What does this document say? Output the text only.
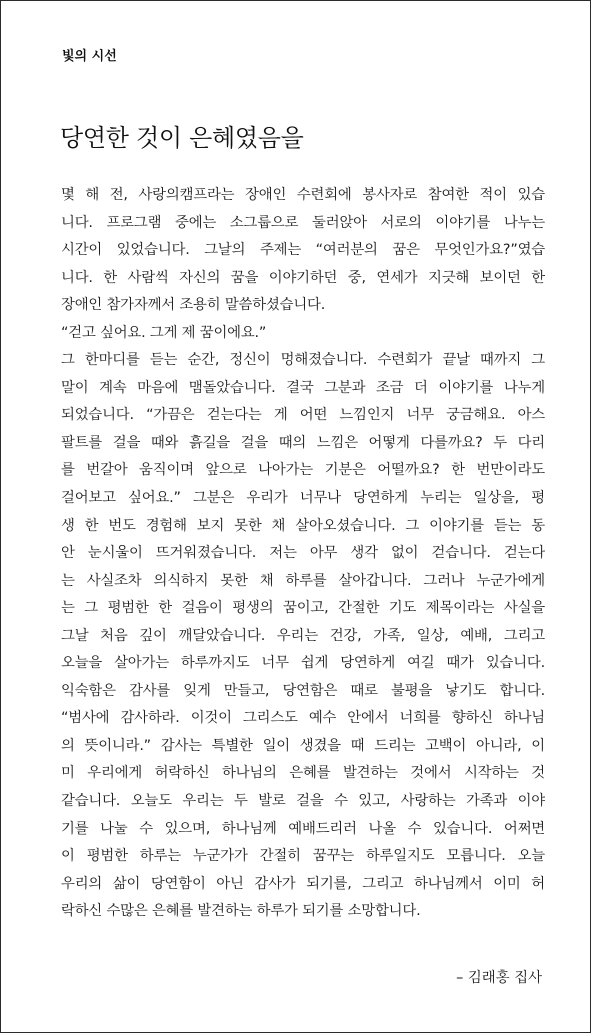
빛의 시선
당연한 것이 은혜였음을
몇 해 전, 사랑의캠프라는 장애인 수련회에 봉사자로 참여한 적이 있습
니다. 프로그램 중에는 소그룹으로 둘러앉아 서로의 이야기를 나누는
시간이 있었습니다. 그날의 주제는 “여러분의 꿈은 무엇인가요?”였습
니다. 한 사람씩 자신의 꿈을 이야기하던 중, 연세가 지긋해 보이던 한
장애인 참가자께서 조용히 말씀하셨습니다.
“걷고 싶어요. 그게 제 꿈이에요.”
그 한마디를 듣는 순간, 정신이 멍해졌습니다. 수련회가 끝날 때까지 그
말이 계속 마음에 맴돌았습니다. 결국 그분과 조금 더 이야기를 나누게
되었습니다. “가끔은 걷는다는 게 어떤 느낌인지 너무 궁금해요. 아스
팔트를 걸을 때와 흙길을 걸을 때의 느낌은 어떻게 다를까요? 두 다리
를 번갈아 움직이며 앞으로 나아가는 기분은 어떨까요? 한 번만이라도
걸어보고 싶어요.” 그분은 우리가 너무나 당연하게 누리는 일상을, 평
생 한 번도 경험해 보지 못한 채 살아오셨습니다. 그 이야기를 듣는 동
안 눈시울이 뜨거워졌습니다. 저는 아무 생각 없이 걷습니다. 걷는다
는 사실조차 의식하지 못한 채 하루를 살아갑니다. 그러나 누군가에게
는 그 평범한 한 걸음이 평생의 꿈이고, 간절한 기도 제목이라는 사실을
그날 처음 깊이 깨달았습니다. 우리는 건강, 가족, 일상, 예배, 그리고
오늘을 살아가는 하루까지도 너무 쉽게 당연하게 여길 때가 있습니다.
익숙함은 감사를 잊게 만들고, 당연함은 때로 불평을 낳기도 합니다.
“범사에 감사하라. 이것이 그리스도 예수 안에서 너희를 향하신 하나님
의 뜻이니라.” 감사는 특별한 일이 생겼을 때 드리는 고백이 아니라, 이
미 우리에게 허락하신 하나님의 은혜를 발견하는 것에서 시작하는 것
같습니다. 오늘도 우리는 두 발로 걸을 수 있고, 사랑하는 가족과 이야
기를 나눌 수 있으며, 하나님께 예배드리러 나올 수 있습니다. 어쩌면
이 평범한 하루는 누군가가 간절히 꿈꾸는 하루일지도 모릅니다. 오늘
우리의 삶이 당연함이 아닌 감사가 되기를, 그리고 하나님께서 이미 허
락하신 수많은 은혜를 발견하는 하루가 되기를 소망합니다.
– 김래홍 집사
